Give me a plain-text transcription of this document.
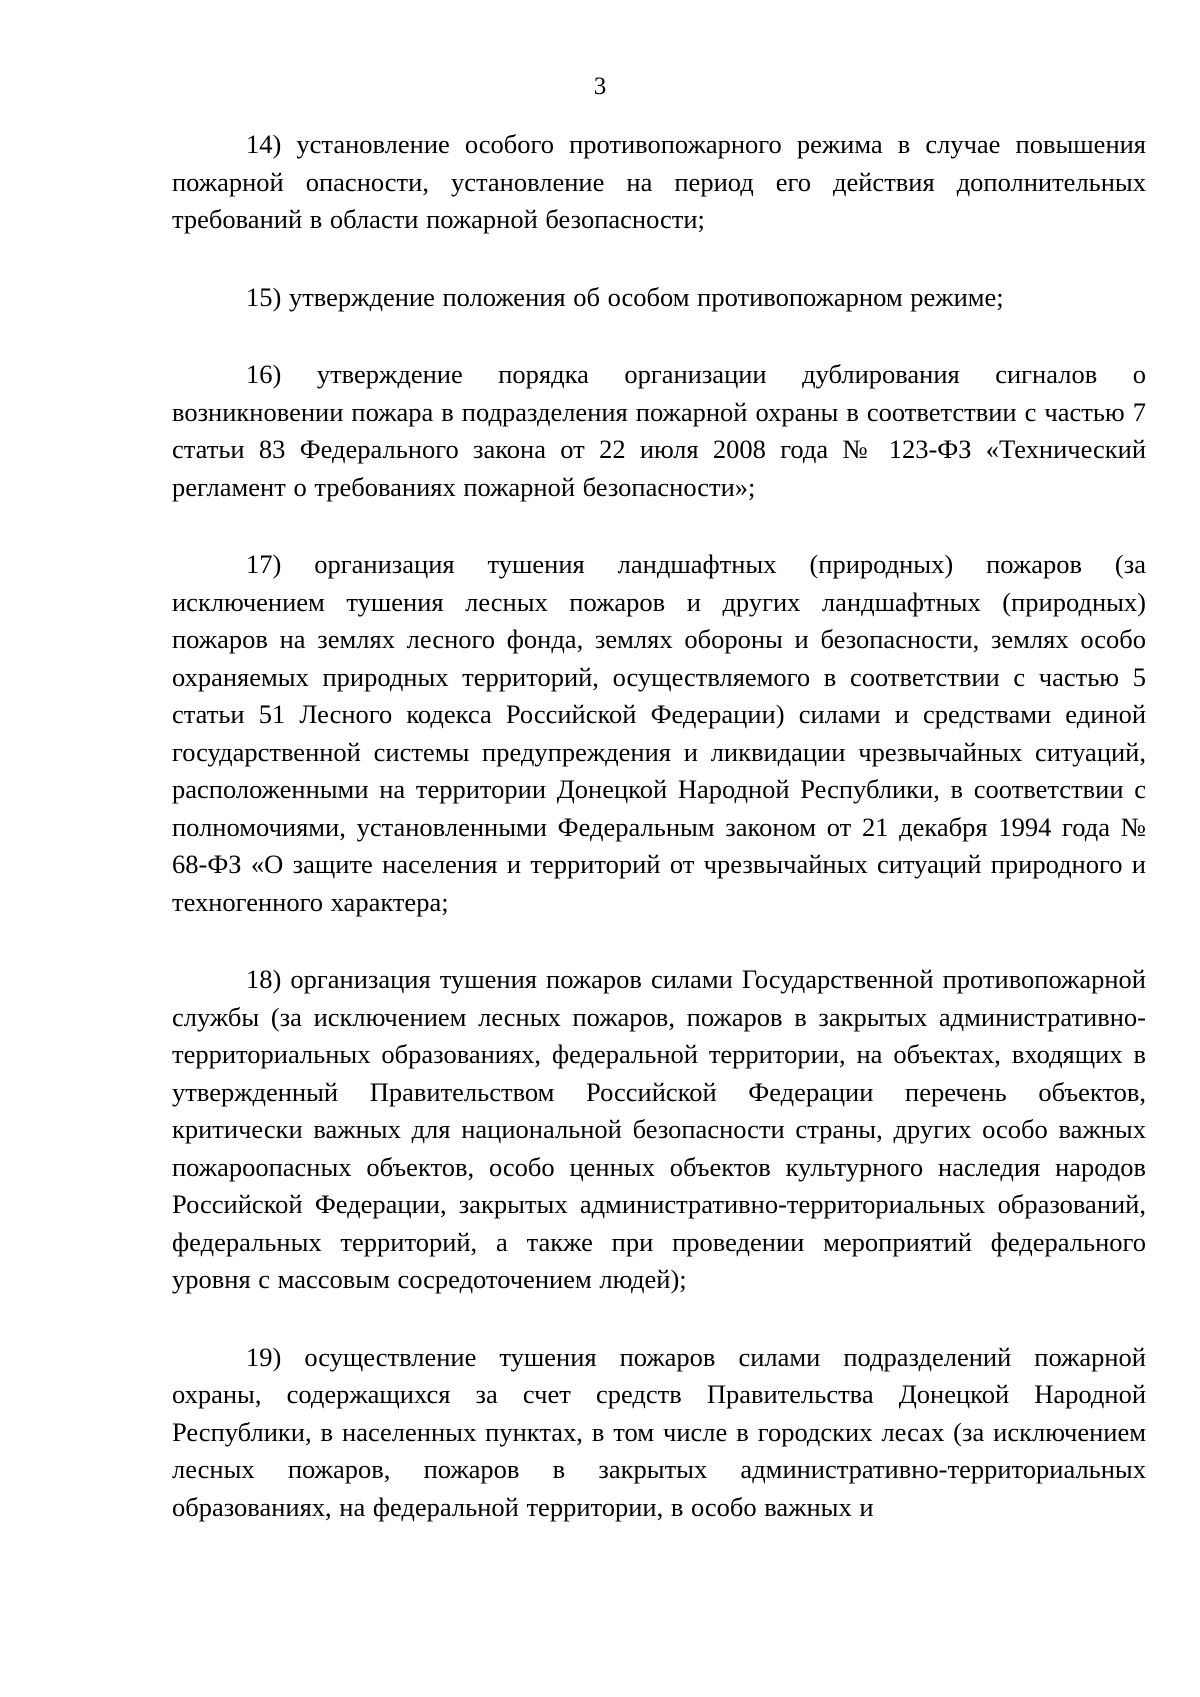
3

14) установление особого противопожарного режима в случае повышения пожарной опасности, установление на период его действия дополнительных требований в области пожарной безопасности;

15) утверждение положения об особом противопожарном режиме;

16) утверждение порядка организации дублирования сигналов о возникновении пожара в подразделения пожарной охраны в соответствии с частью 7 статьи 83 Федерального закона от 22 июля 2008 года № 123-ФЗ «Технический регламент о требованиях пожарной безопасности»;

17) организация тушения ландшафтных (природных) пожаров (за исключением тушения лесных пожаров и других ландшафтных (природных) пожаров на землях лесного фонда, землях обороны и безопасности, землях особо охраняемых природных территорий, осуществляемого в соответствии с частью 5 статьи 51 Лесного кодекса Российской Федерации) силами и средствами единой государственной системы предупреждения и ликвидации чрезвычайных ситуаций, расположенными на территории Донецкой Народной Республики, в соответствии с полномочиями, установленными Федеральным законом от 21 декабря 1994 года № 68-ФЗ «О защите населения и территорий от чрезвычайных ситуаций природного и техногенного характера;

18) организация тушения пожаров силами Государственной противопожарной службы (за исключением лесных пожаров, пожаров в закрытых административно-территориальных образованиях, федеральной территории, на объектах, входящих в утвержденный Правительством Российской Федерации перечень объектов, критически важных для национальной безопасности страны, других особо важных пожароопасных объектов, особо ценных объектов культурного наследия народов Российской Федерации, закрытых административно-территориальных образований, федеральных территорий, а также при проведении мероприятий федерального уровня с массовым сосредоточением людей);

19) осуществление тушения пожаров силами подразделений пожарной охраны, содержащихся за счет средств Правительства Донецкой Народной Республики, в населенных пунктах, в том числе в городских лесах (за исключением лесных пожаров, пожаров в закрытых административно-территориальных образованиях, на федеральной территории, в особо важных и
